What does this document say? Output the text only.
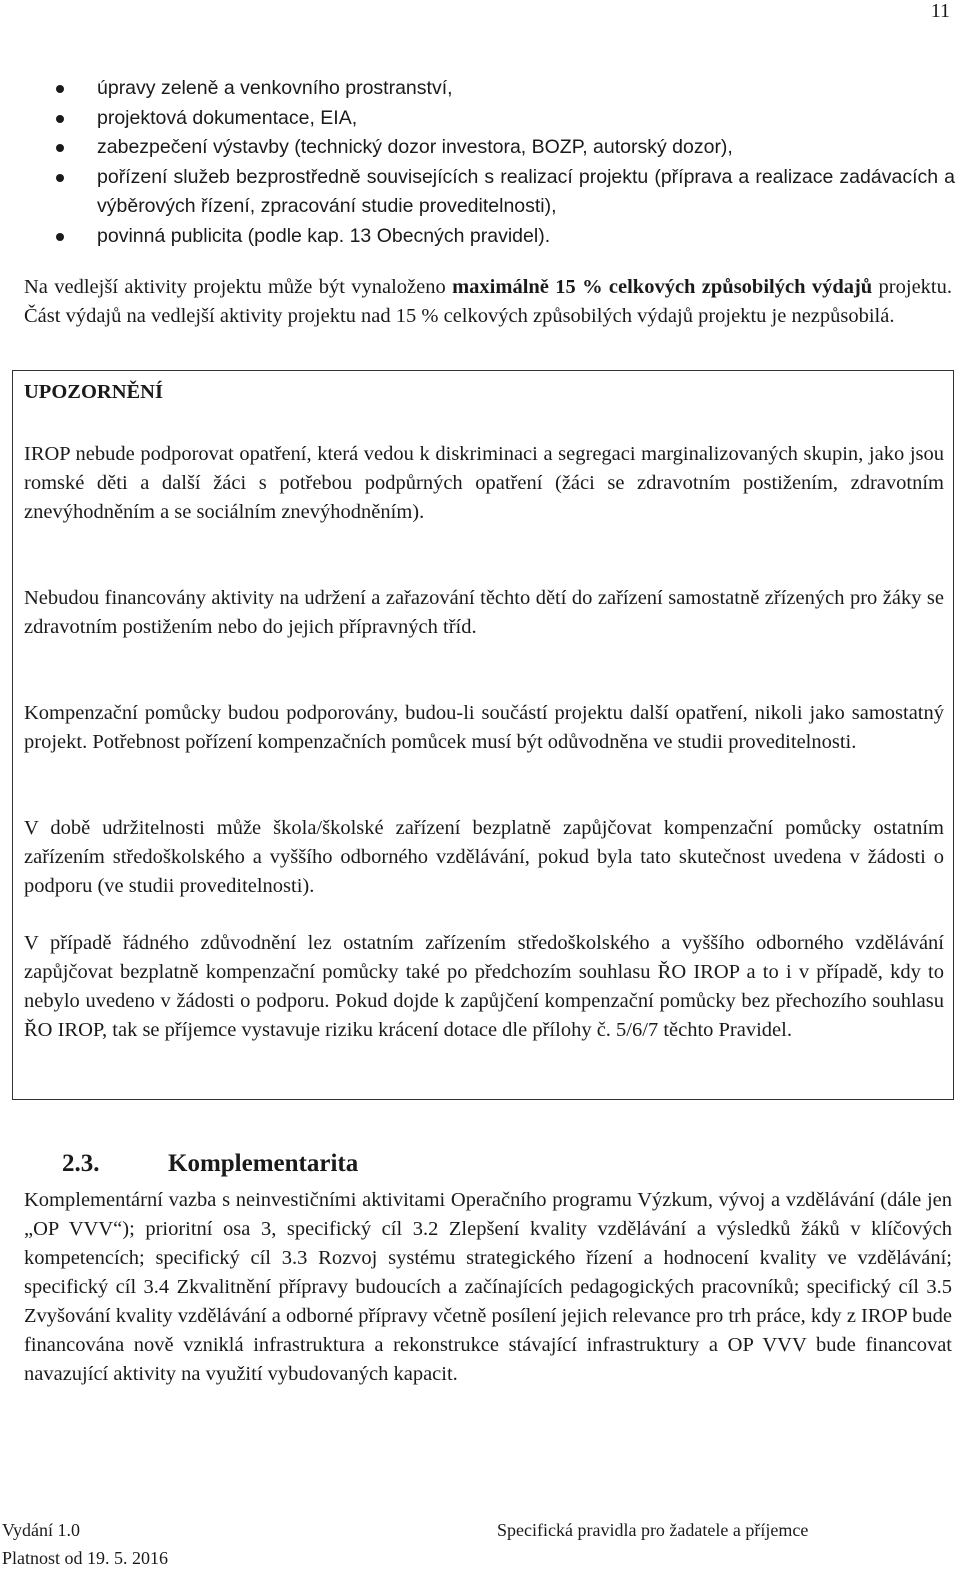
11
úpravy zeleně a venkovního prostranství,
projektová dokumentace, EIA,
zabezpečení výstavby (technický dozor investora, BOZP, autorský dozor),
pořízení služeb bezprostředně souvisejících s realizací projektu (příprava a realizace zadávacích a výběrových řízení, zpracování studie proveditelnosti),
povinná publicita (podle kap. 13 Obecných pravidel).

Na vedlejší aktivity projektu může být vynaloženo maximálně 15 % celkových způsobilých výdajů projektu. Část výdajů na vedlejší aktivity projektu nad 15 % celkových způsobilých výdajů projektu je nezpůsobilá.

UPOZORNĚNÍ

IROP nebude podporovat opatření, která vedou k diskriminaci a segregaci marginalizovaných skupin, jako jsou romské děti a další žáci s potřebou podpůrných opatření (žáci se zdravotním postižením, zdravotním znevýhodněním a se sociálním znevýhodněním).

Nebudou financovány aktivity na udržení a zařazování těchto dětí do zařízení samostatně zřízených pro žáky se zdravotním postižením nebo do jejich přípravných tříd.

Kompenzační pomůcky budou podporovány, budou-li součástí projektu další opatření, nikoli jako samostatný projekt. Potřebnost pořízení kompenzačních pomůcek musí být odůvodněna ve studii proveditelnosti.

V době udržitelnosti může škola/školské zařízení bezplatně zapůjčovat kompenzační pomůcky ostatním zařízením středoškolského a vyššího odborného vzdělávání, pokud byla tato skutečnost uvedena v žádosti o podporu (ve studii proveditelnosti).

V případě řádného zdůvodnění lez ostatním zařízením středoškolského a vyššího odborného vzdělávání zapůjčovat bezplatně kompenzační pomůcky také po předchozím souhlasu ŘO IROP a to i v případě, kdy to nebylo uvedeno v žádosti o podporu. Pokud dojde k zapůjčení kompenzační pomůcky bez přechozího souhlasu ŘO IROP, tak se příjemce vystavuje riziku krácení dotace dle přílohy č. 5/6/7 těchto Pravidel.

2.3.	Komplementarita

Komplementární vazba s neinvestičními aktivitami Operačního programu Výzkum, vývoj a vzdělávání (dále jen „OP VVV“); prioritní osa 3, specifický cíl 3.2 Zlepšení kvality vzdělávání a výsledků žáků v klíčových kompetencích; specifický cíl 3.3 Rozvoj systému strategického řízení a hodnocení kvality ve vzdělávání; specifický cíl 3.4 Zkvalitnění přípravy budoucích a začínajících pedagogických pracovníků; specifický cíl 3.5 Zvyšování kvality vzdělávání a odborné přípravy včetně posílení jejich relevance pro trh práce, kdy z IROP bude financována nově vzniklá infrastruktura a rekonstrukce stávající infrastruktury a OP VVV bude financovat navazující aktivity na využití vybudovaných kapacit.

Vydání 1.0
Platnost od 19. 5. 2016
Specifická pravidla pro žadatele a příjemce
